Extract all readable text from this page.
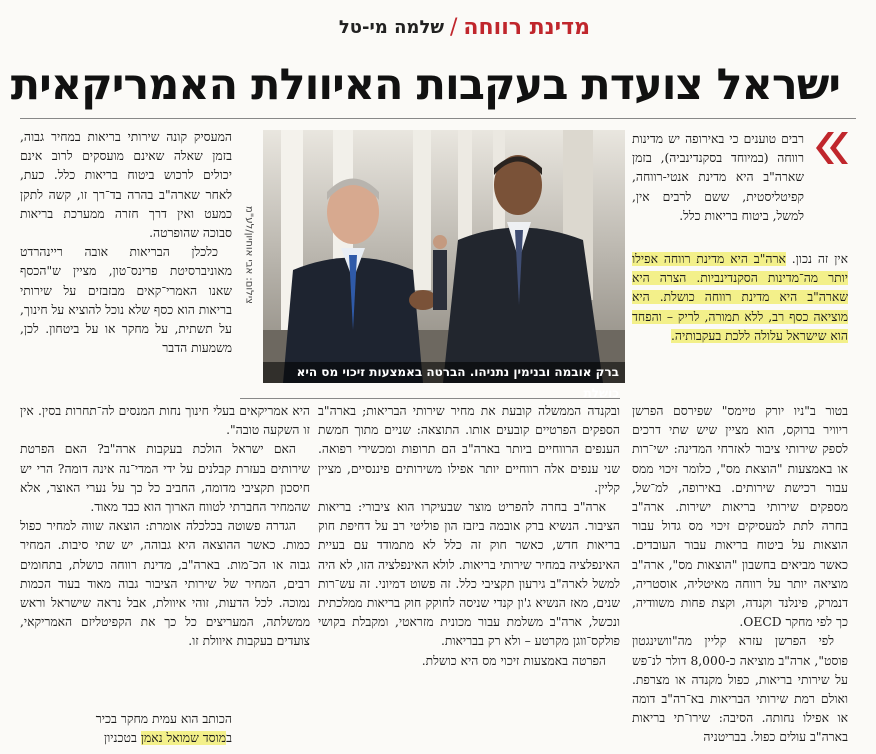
מדינת רווחה
/
שלמה מי-טל
ישראל צועדת בעקבות האיוולת האמריקאית

רבים טוענים כי באירופה יש מדינות רווחה (במיוחד בסקנדינביה), בזמן שארה"ב היא מדינת אנטי-רווחה, קפיטליסטית, ששם לרבים אין, למשל, ביטוח בריאות כלל.

אין זה נכון. ארה"ב היא מדינת רווחה אפילו יותר מה־מדינות הסקנדינביות. הצרה היא שארה"ב היא מדינת רווחה כושלת. היא מוציאה כסף רב, ללא תמורה, לריק – והפחד הוא שישראל עלולה ללכת בעקבותיה.

ברק אובמה ובנימין נתניהו. הברטה באמצעות זיכוי מס היא כושלת
צילום: אבי אוחיון/לע"מ

המעסיק קונה שירותי בריאות במחיר גבוה, בזמן שאלה שאינם מועסקים לרוב אינם יכולים לרכוש ביטוח בריאות כלל. כעת, לאחר שארה"ב בהרה בד־רך זו, קשה לתקן כמעט ואין דרך חזרה ממערכת בריאות סבוכה שהופרטה.

כלכלן הבריאות אובה ריינהרדט מאוניברסיטת פרינס־טון, מציין ש"הכסף שאנו האמרי־קאים מבזבזים על שירותי בריאות הוא כסף שלא נוכל להוציא על חינוך, על תשתית, על מחקר או על ביטחון. לכן, משמעות הדבר

בטור ב"ניו יורק טיימס" שפירסם הפרשן ריוויר ברוקס, הוא מציין שיש שתי דרכים לספק שירותי ציבור לאזרחי המדינה: ישי־רות או באמצעות "הוצאת מס", כלומר זיכוי ממס עבור רכישת שירותים. באירופה, למ־של, מספקים שירותי בריאות ישירות. ארה"ב בחרה לתת למעסיקים זיכוי מס גדול עבור הוצאות על ביטוח בריאות עבור העובדים. כאשר מביאים בחשבון "הוצאות מס", ארה"ב מוציאה יותר על רווחה מאיטליה, אוסטריה, דנמרק, פינלנד וקנדה, וקצת פחות משוודיה, כך לפי מחקר OECD.

לפי הפרשן עזרא קליין מה"וושינגטון פוסט", ארה"ב מוציאה כ-8,000 דולר לנ־פש על שירותי בריאות, כפול מקנדה או מצרפת. ואולם רמת שירותי הבריאות בא־רה"ב דומה או אפילו נחותה. הסיבה: שירו־תי בריאות בארה"ב עולים כפול. בבריטניה

ובקנדה הממשלה קובעת את מחיר שירותי הבריאות; בארה"ב הספקים הפרטיים קובעים אותו. התוצאה: שניים מתוך חמשת הענפים הרווחיים ביותר בארה"ב הם תרופות ומכשירי רפואה. שני ענפים אלה רווחיים יותר אפילו משירותים פיננסיים, מציין קליין.

ארה"ב בחרה להפריט מוצר שבעיקרו הוא ציבורי: בריאות הציבור. הנשיא ברק אובמה ביזבז הון פוליטי רב על דחיפת חוק בריאות חדש, כאשר חוק זה כלל לא מתמודד עם בעיית האינפלציה במחיר שירותי בריאות. לולא האינפלציה הזו, לא היה למשל לארה"ב גירעון תקציבי כלל. זה פשוט דמיוני. זה עש־רות שנים, מאז הנשיא ג'ון קנדי שניסה לחוקק חוק בריאות ממלכתית ונכשל, ארה"ב משלמת עבור מכונית מזראטי, ומקבלת בקושי פולקס־ווגן מקרטע – ולא רק בבריאות.

הפרטה באמצעות זיכוי מס היא כושלת.

היא אמריקאים בעלי חינוך נחות המנסים לה־תחרות בסין. אין זו השקעה טובה".

האם ישראל הולכת בעקבות ארה"ב? האם הפרטת שירותים בעזרת קבלנים על ידי המדי־נה אינה דומה? הרי יש חיסכון תקציבי מדומה, החביב כל כך על נערי האוצר, אלא שהמחיר החברתי לטווח הארוך הוא כבד מאוד.

הגדרה פשוטה בכלכלה אומרת: הוצאה שווה למחיר כפול כמות. כאשר ההוצאה היא גבוהה, יש שתי סיבות. המחיר גבוה או הכ־מות. בארה"ב, מדינת רווחה כושלת, בתחומים רבים, המחיר של שירותי הציבור גבוה מאוד בעוד הכמות נמוכה. לכל הדעות, זוהי איוולת, אבל נראה שישראל וראש ממשלתה, המעריצים כל כך את הקפיטליזם האמריקאי, צועדים בעקבות איוולת זו.

הכותב הוא עמית מחקר בכיר
במוסד שמואל נאמן בטכניון
